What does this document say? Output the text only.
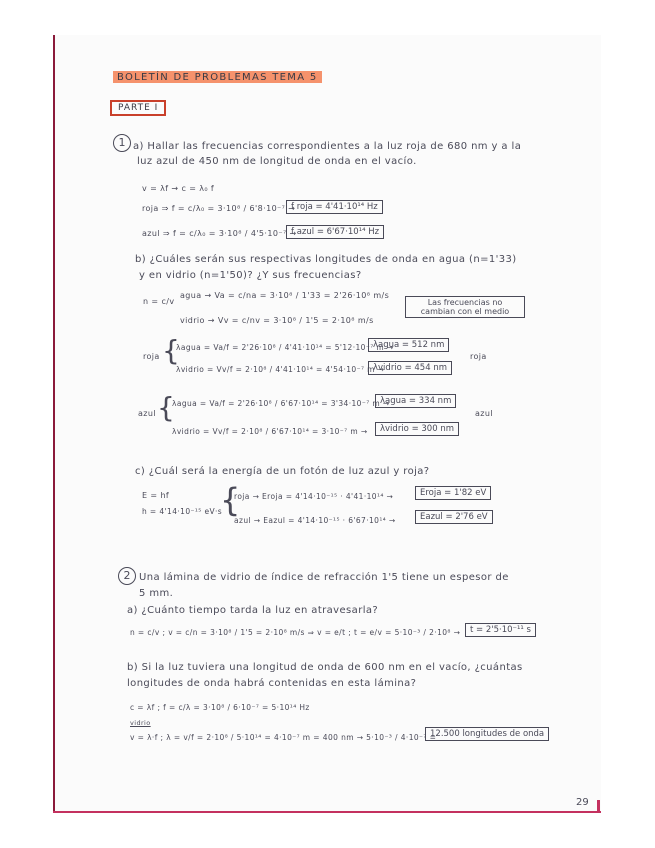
BOLETÍN DE PROBLEMAS TEMA 5
PARTE I
1 a) Hallar las frecuencias correspondientes a la luz roja de 680 nm y a la
luz azul de 450 nm de longitud de onda en el vacío.
v = λf → c = λ₀ f
roja ⇒ f = c/λ₀ = 3·10⁸ / 6'8·10⁻⁷ →
f roja = 4'41·10¹⁴ Hz
azul ⇒ f = c/λ₀ = 3·10⁸ / 4'5·10⁻⁷ →
f azul = 6'67·10¹⁴ Hz
b) ¿Cuáles serán sus respectivas longitudes de onda en agua (n=1'33)
y en vidrio (n=1'50)? ¿Y sus frecuencias?
n = c/v
agua → Va = c/na = 3·10⁸ / 1'33 = 2'26·10⁸ m/s
vidrio → Vv = c/nv = 3·10⁸ / 1'5 = 2·10⁸ m/s
Las frecuencias no cambian con el medio
roja {
λagua = Va/f = 2'26·10⁸ / 4'41·10¹⁴ = 5'12·10⁻⁷ m →
λagua = 512 nm
λvidrio = Vv/f = 2·10⁸ / 4'41·10¹⁴ = 4'54·10⁻⁷ m →
λvidrio = 454 nm
roja
azul {
λagua = Va/f = 2'26·10⁸ / 6'67·10¹⁴ = 3'34·10⁻⁷ m →
λagua = 334 nm
λvidrio = Vv/f = 2·10⁸ / 6'67·10¹⁴ = 3·10⁻⁷ m →	λvidrio = 300 nm
azul
c) ¿Cuál será la energía de un fotón de luz azul y roja?
E = hf
h = 4'14·10⁻¹⁵ eV·s
{
roja → Eroja = 4'14·10⁻¹⁵ · 4'41·10¹⁴ →	Eroja = 1'82 eV
azul → Eazul = 4'14·10⁻¹⁵ · 6'67·10¹⁴ →	Eazul = 2'76 eV
2 Una lámina de vidrio de índice de refracción 1'5 tiene un espesor de
5 mm.
a) ¿Cuánto tiempo tarda la luz en atravesarla?
n = c/v ; v = c/n = 3·10⁸ / 1'5 = 2·10⁸ m/s ⇒ v = e/t ; t = e/v = 5·10⁻³ / 2·10⁸ →	t = 2'5·10⁻¹¹ s
b) Si la luz tuviera una longitud de onda de 600 nm en el vacío, ¿cuántas
longitudes de onda habrá contenidas en esta lámina?
c = λf ; f = c/λ = 3·10⁸ / 6·10⁻⁷ = 5·10¹⁴ Hz
vidrio
v = λ·f ; λ = v/f = 2·10⁸ / 5·10¹⁴ = 4·10⁻⁷ m = 400 nm → 5·10⁻³ / 4·10⁻⁷ =
12.500 longitudes de onda
29
